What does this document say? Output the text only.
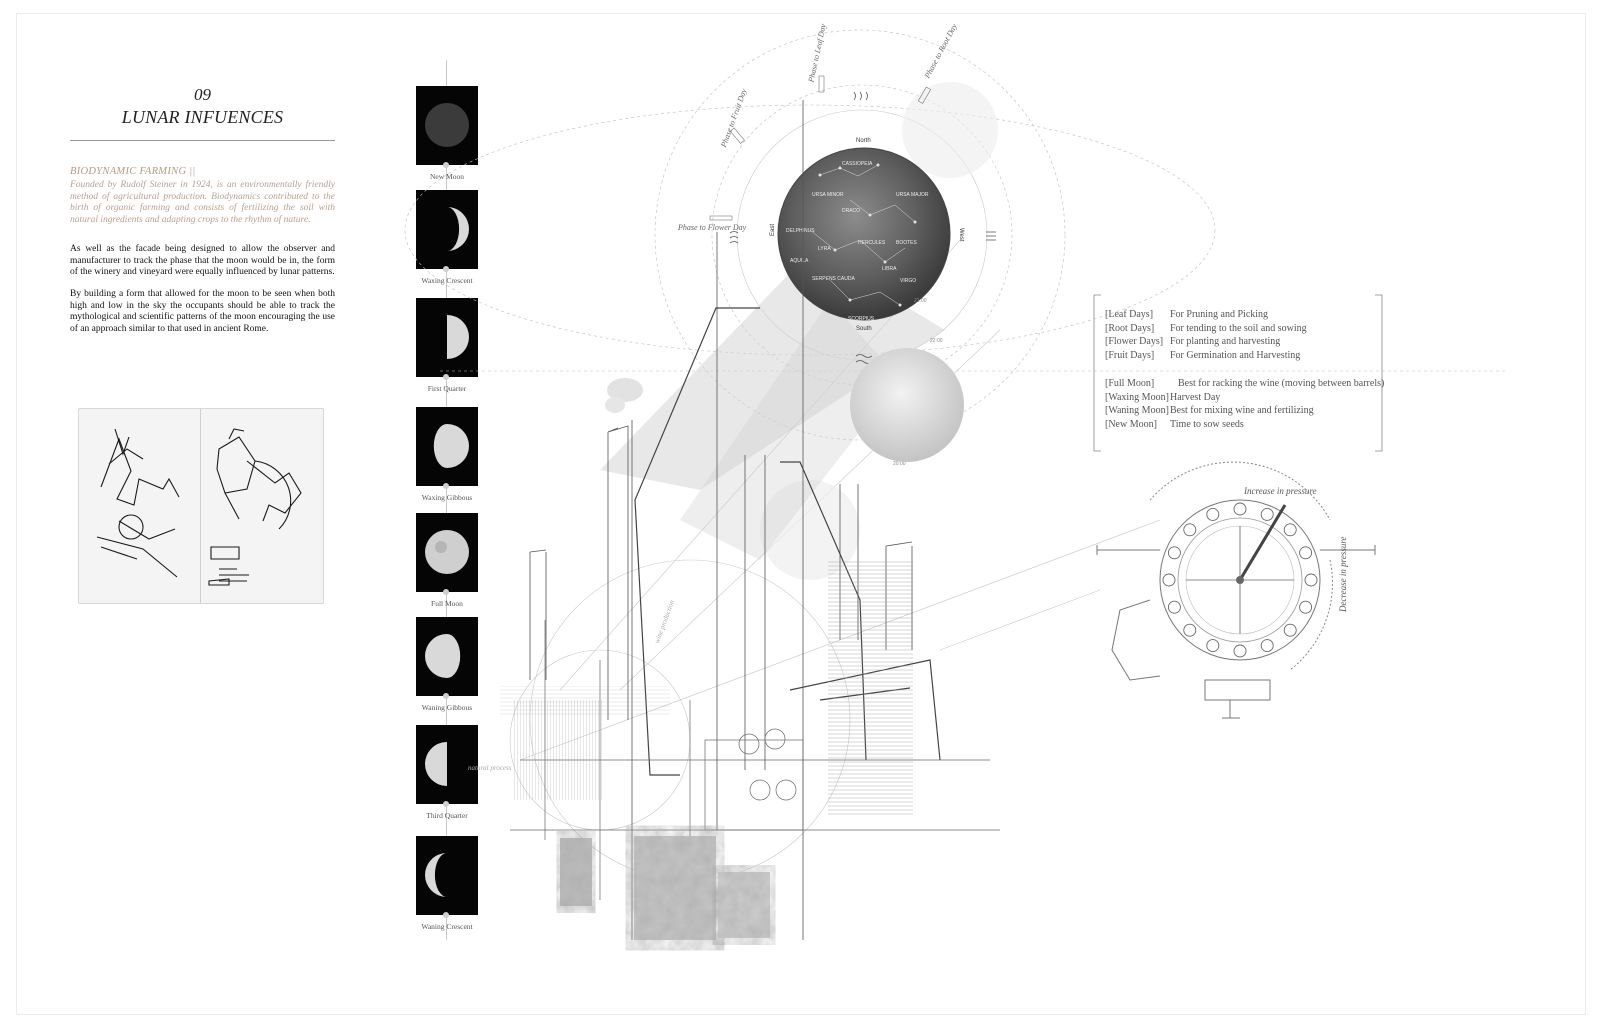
09
LUNAR INFUENCES
BIODYNAMIC FARMING ||
Founded by Rudolf Steiner in 1924, is an environmentally friendly method of agricultural production. Biodynamics contributed to the birth of organic farming and consists of fertilizing the soil with natural ingredients and adapting crops to the rhythm of nature.
As well as the facade being designed to allow the observer and manufacturer to track the phase that the moon would be in, the form of the winery and vineyard were equally influenced by lunar patterns.
By building a form that allowed for the moon to be seen when both high and low in the sky the occupants should be able to track the mythological and scientific patterns of the moon encouraging the use of an approach similar to that used in ancient Rome.
New Moon
Waxing Crescent
First Quarter
Waxing Gibbous
Full Moon
Waning Gibbous
Third Quarter
Waning Crescent
CASSIOPEIA
URSA MINOR
DRACO
URSA MAJOR
HERCULES BOOTES
DELPHINUS
LYRA
AQUILA
SERPENS CAUDA
SCORPIUS
LIBRA
VIRGO
North
South
East	West
Phase to Leaf Day	Phase to Root Day
Phase to Fruit Day
Phase to Flower Day
21:00
22:00
20:00
wine production
natural process
Increase in pressure
Decrease in pressure
[Leaf Days] For Pruning and Picking
[Root Days] For tending to the soil and sowing
[Flower Days] For planting and harvesting
[Fruit Days] For Germination and Harvesting
[Full Moon] Best for racking the wine (moving between barrels)
[Waxing Moon] Harvest Day
[Waning Moon] Best for mixing wine and fertilizing
[New Moon] Time to sow seeds
